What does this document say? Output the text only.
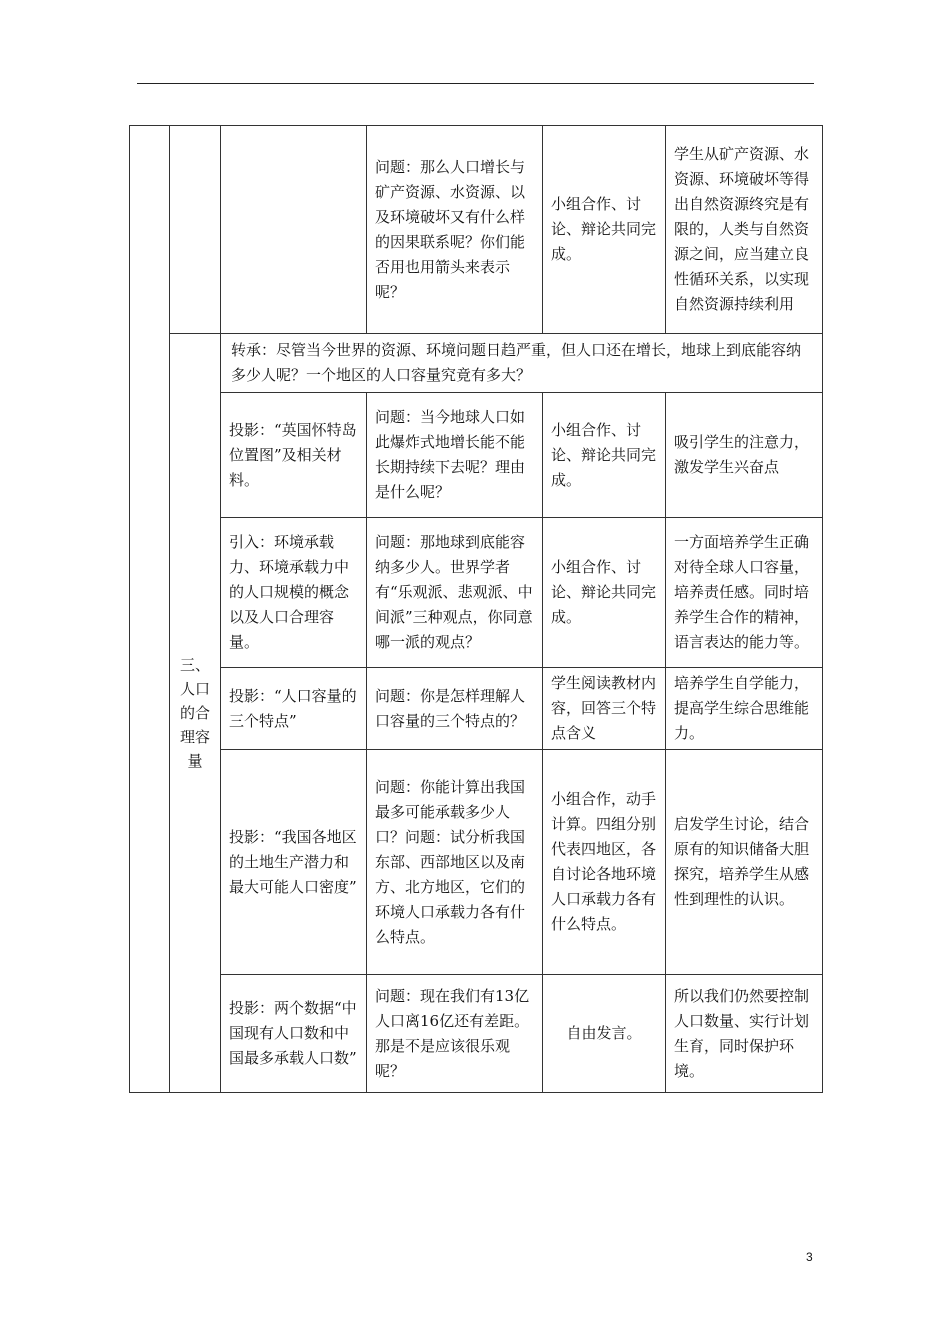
			问题：那么人口增长与矿产资源、水资源、以及环境破坏又有什么样的因果联系呢？你们能否用也用箭头来表示呢？	小组合作、讨论、辩论共同完成。	学生从矿产资源、水资源、环境破坏等得出自然资源终究是有限的，人类与自然资源之间，应当建立良性循环关系，以实现自然资源持续利用
	三、人口的合理容量	转承：尽管当今世界的资源、环境问题日趋严重，但人口还在增长，地球上到底能容纳多少人呢？一个地区的人口容量究竟有多大？			
		投影：“英国怀特岛位置图”及相关材料。	问题：当今地球人口如此爆炸式地增长能不能长期持续下去呢？理由是什么呢？	小组合作、讨论、辩论共同完成。	吸引学生的注意力，激发学生兴奋点
		引入：环境承载力、环境承载力中的人口规模的概念以及人口合理容量。	问题：那地球到底能容纳多少人。世界学者有“乐观派、悲观派、中间派”三种观点，你同意哪一派的观点？	小组合作、讨论、辩论共同完成。	一方面培养学生正确对待全球人口容量，培养责任感。同时培养学生合作的精神，语言表达的能力等。
		投影：“人口容量的三个特点”	问题：你是怎样理解人口容量的三个特点的？	学生阅读教材内容，回答三个特点含义	培养学生自学能力，提高学生综合思维能力。
		投影：“我国各地区的土地生产潜力和最大可能人口密度”	问题：你能计算出我国最多可能承载多少人口？问题：试分析我国东部、西部地区以及南方、北方地区，它们的环境人口承载力各有什么特点。	小组合作，动手计算。四组分别代表四地区，各自讨论各地环境人口承载力各有什么特点。	启发学生讨论，结合原有的知识储备大胆探究，培养学生从感性到理性的认识。
		投影：两个数据“中国现有人口数和中国最多承载人口数”	问题：现在我们有13亿人口离16亿还有差距。那是不是应该很乐观呢？	自由发言。	所以我们仍然要控制人口数量、实行计划生育，同时保护环境。
3
